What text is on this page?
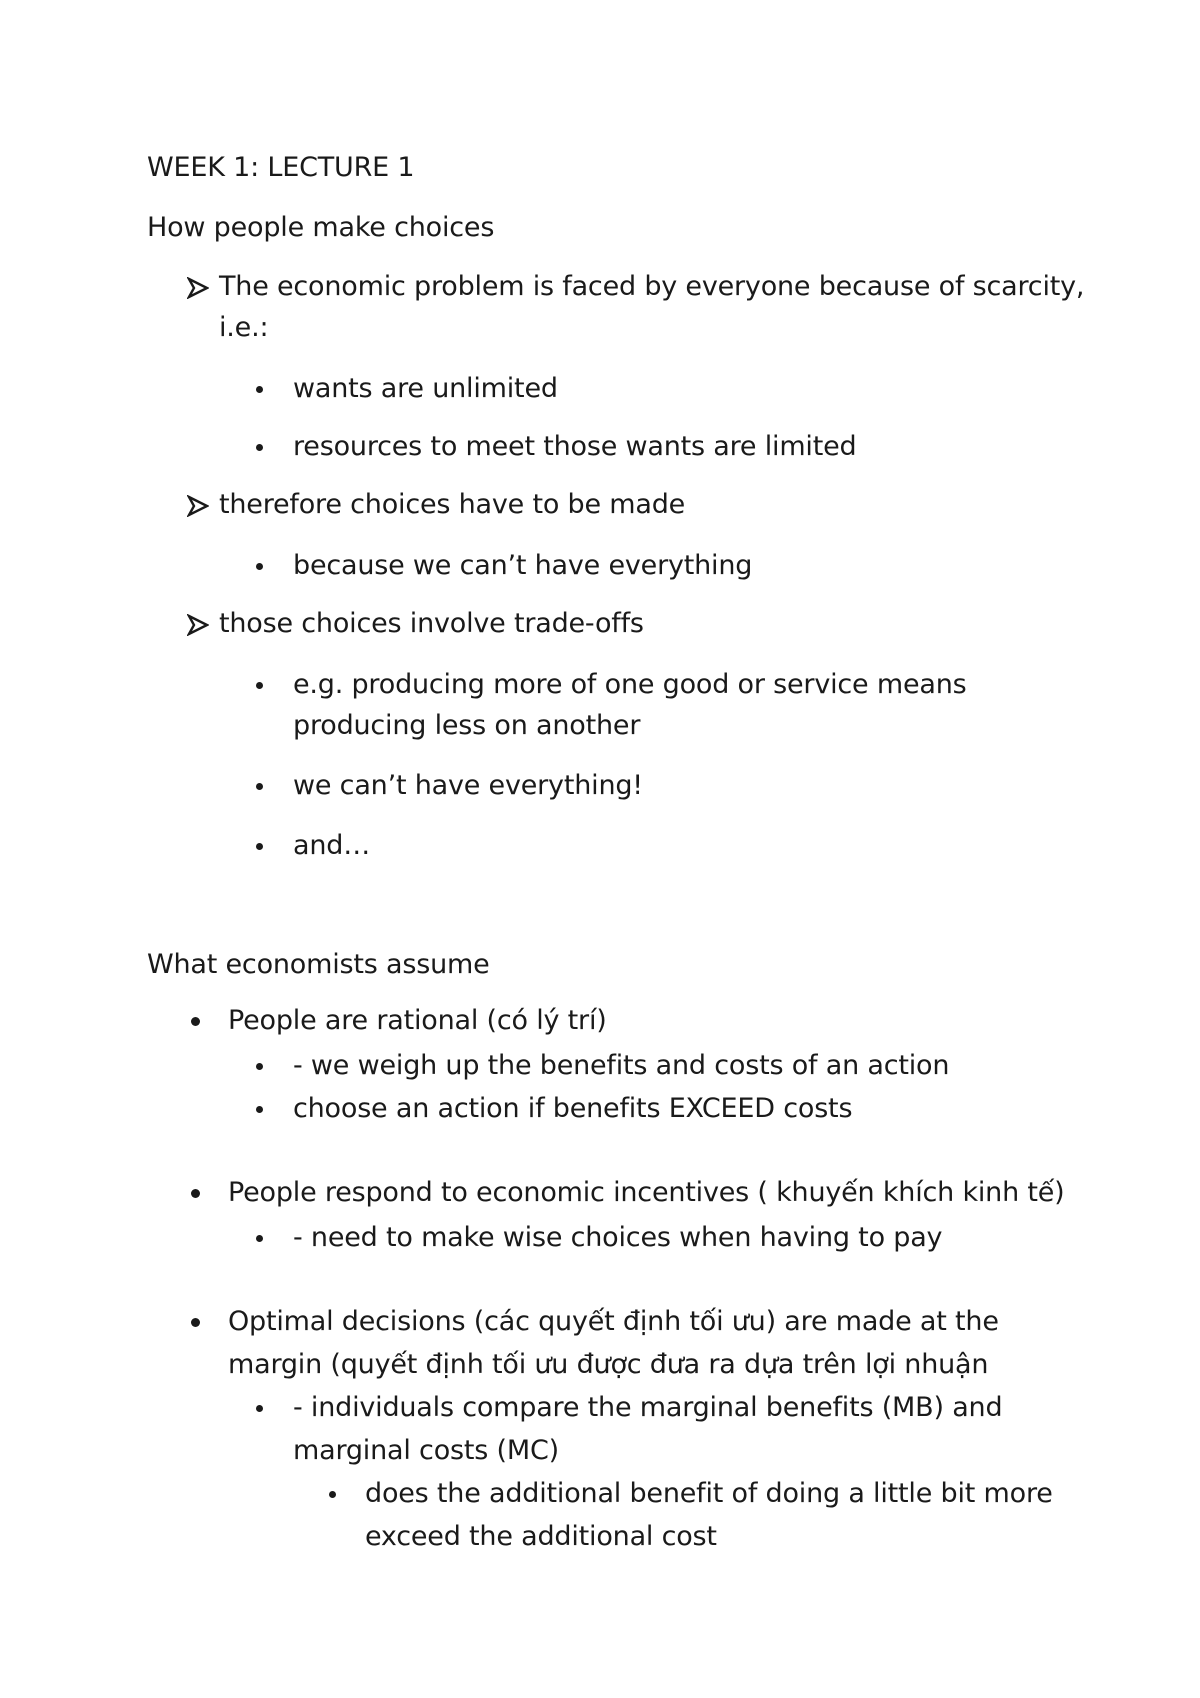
WEEK 1: LECTURE 1
How people make choices
The economic problem is faced by everyone because of scarcity,
i.e.:
wants are unlimited
resources to meet those wants are limited
therefore choices have to be made
because we can’t have everything
those choices involve trade-offs
e.g. producing more of one good or service means
producing less on another
we can’t have everything!
and…
What economists assume
People are rational (có lý trí)
- we weigh up the benefits and costs of an action
choose an action if benefits EXCEED costs
People respond to economic incentives ( khuyến khích kinh tế)
- need to make wise choices when having to pay
Optimal decisions (các quyết định tối ưu) are made at the
margin (quyết định tối ưu được đưa ra dựa trên lợi nhuận
- individuals compare the marginal benefits (MB) and
marginal costs (MC)
does the additional benefit of doing a little bit more
exceed the additional cost
